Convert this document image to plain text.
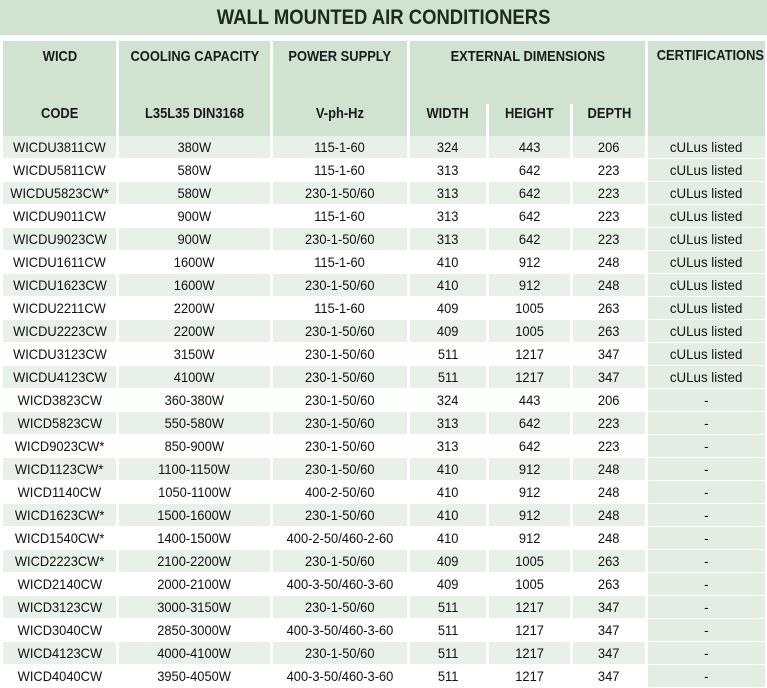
WALL MOUNTED AIR CONDITIONERS
WICD	COOLING CAPACITY	POWER SUPPLY	EXTERNAL DIMENSIONS			CERTIFICATIONS
CODE	L35L35 DIN3168	V-ph-Hz	WIDTH	HEIGHT	DEPTH	
WICDU3811CW	380W	115-1-60	324	443	206	cULus listed
WICDU5811CW	580W	115-1-60	313	642	223	cULus listed
WICDU5823CW*	580W	230-1-50/60	313	642	223	cULus listed
WICDU9011CW	900W	115-1-60	313	642	223	cULus listed
WICDU9023CW	900W	230-1-50/60	313	642	223	cULus listed
WICDU1611CW	1600W	115-1-60	410	912	248	cULus listed
WICDU1623CW	1600W	230-1-50/60	410	912	248	cULus listed
WICDU2211CW	2200W	115-1-60	409	1005	263	cULus listed
WICDU2223CW	2200W	230-1-50/60	409	1005	263	cULus listed
WICDU3123CW	3150W	230-1-50/60	511	1217	347	cULus listed
WICDU4123CW	4100W	230-1-50/60	511	1217	347	cULus listed
WICD3823CW	360-380W	230-1-50/60	324	443	206	-
WICD5823CW	550-580W	230-1-50/60	313	642	223	-
WICD9023CW*	850-900W	230-1-50/60	313	642	223	-
WICD1123CW*	1100-1150W	230-1-50/60	410	912	248	-
WICD1140CW	1050-1100W	400-2-50/60	410	912	248	-
WICD1623CW*	1500-1600W	230-1-50/60	410	912	248	-
WICD1540CW*	1400-1500W	400-2-50/460-2-60	410	912	248	-
WICD2223CW*	2100-2200W	230-1-50/60	409	1005	263	-
WICD2140CW	2000-2100W	400-3-50/460-3-60	409	1005	263	-
WICD3123CW	3000-3150W	230-1-50/60	511	1217	347	-
WICD3040CW	2850-3000W	400-3-50/460-3-60	511	1217	347	-
WICD4123CW	4000-4100W	230-1-50/60	511	1217	347	-
WICD4040CW	3950-4050W	400-3-50/460-3-60	511	1217	347	-
